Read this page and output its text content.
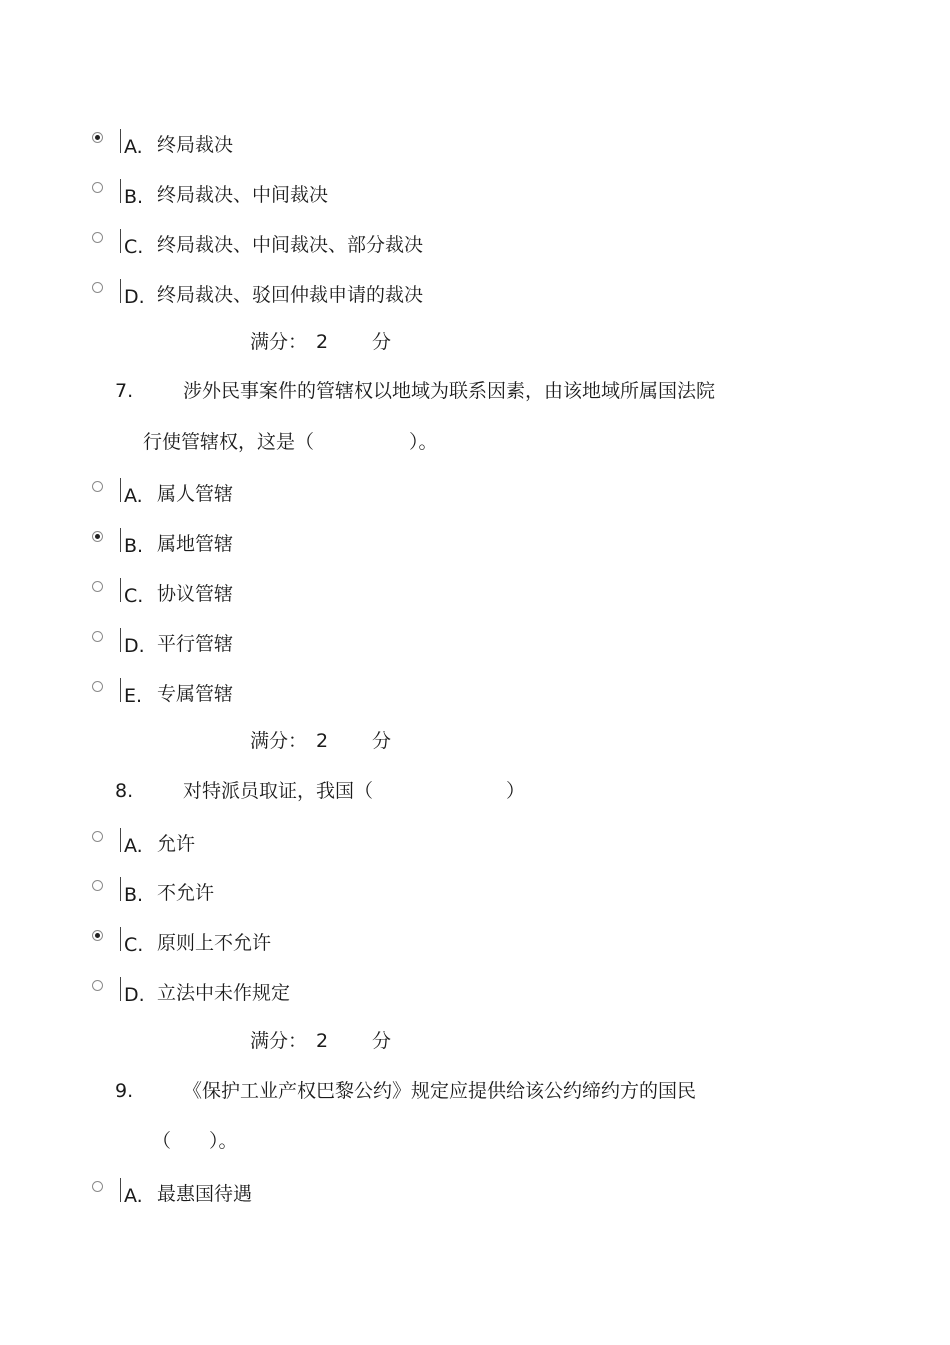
A. 终局裁决
B. 终局裁决、中间裁决
C. 终局裁决、中间裁决、部分裁决
D. 终局裁决、驳回仲裁申请的裁决
满分： 2 分
7.	涉外民事案件的管辖权以地域为联系因素，由该地域所属国法院
行使管辖权，这是（　　　　　）。
A. 属人管辖
B. 属地管辖
C. 协议管辖
D. 平行管辖
E. 专属管辖
满分： 2 分
8.	对特派员取证，我国（　　　　　　　）
A. 允许
B. 不允许
C. 原则上不允许
D. 立法中未作规定
满分： 2 分
9.	《保护工业产权巴黎公约》规定应提供给该公约缔约方的国民
（　　）。
A. 最惠国待遇
